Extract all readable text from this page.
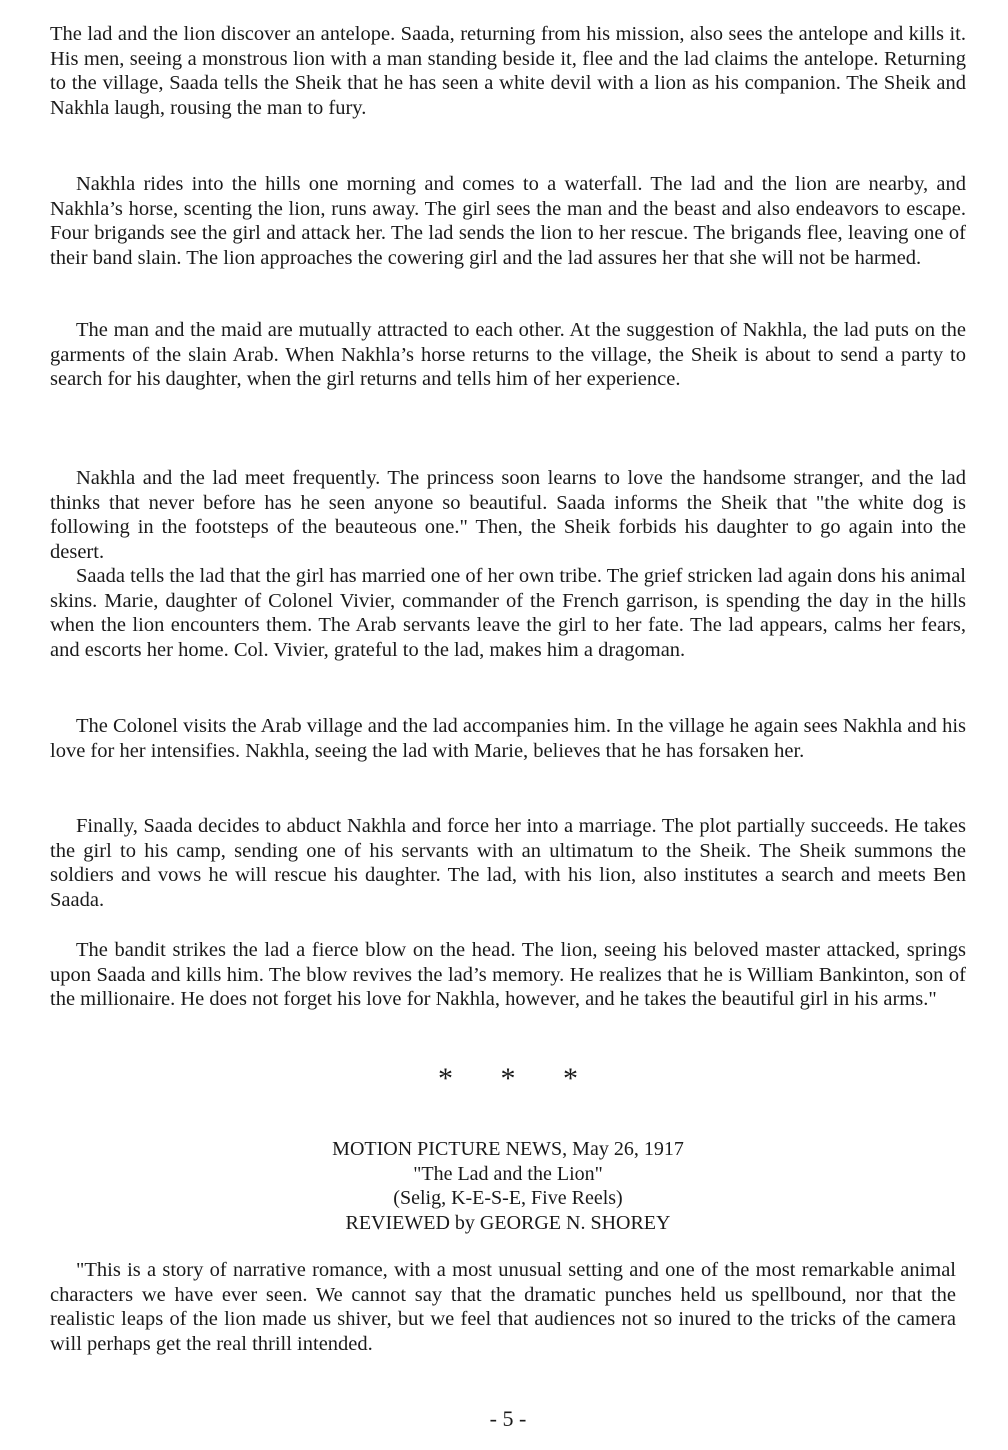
The lad and the lion discover an antelope. Saada, returning from his mission, also sees the antelope and kills it. His men, seeing a monstrous lion with a man standing beside it, flee and the lad claims the antelope. Returning to the village, Saada tells the Sheik that he has seen a white devil with a lion as his companion. The Sheik and Nakhla laugh, rousing the man to fury.

Nakhla rides into the hills one morning and comes to a waterfall. The lad and the lion are nearby, and Nakhla’s horse, scenting the lion, runs away. The girl sees the man and the beast and also endeavors to escape. Four brigands see the girl and attack her. The lad sends the lion to her rescue. The brigands flee, leaving one of their band slain. The lion approaches the cowering girl and the lad assures her that she will not be harmed.

The man and the maid are mutually attracted to each other. At the suggestion of Nakhla, the lad puts on the garments of the slain Arab. When Nakhla’s horse returns to the village, the Sheik is about to send a party to search for his daughter, when the girl returns and tells him of her experience.

Nakhla and the lad meet frequently. The princess soon learns to love the handsome stranger, and the lad thinks that never before has he seen anyone so beautiful. Saada informs the Sheik that "the white dog is following in the footsteps of the beauteous one." Then, the Sheik forbids his daughter to go again into the desert.

Saada tells the lad that the girl has married one of her own tribe. The grief stricken lad again dons his animal skins. Marie, daughter of Colonel Vivier, commander of the French garrison, is spending the day in the hills when the lion encounters them. The Arab servants leave the girl to her fate. The lad appears, calms her fears, and escorts her home. Col. Vivier, grateful to the lad, makes him a dragoman.

The Colonel visits the Arab village and the lad accompanies him. In the village he again sees Nakhla and his love for her intensifies. Nakhla, seeing the lad with Marie, believes that he has forsaken her.

Finally, Saada decides to abduct Nakhla and force her into a marriage. The plot partially succeeds. He takes the girl to his camp, sending one of his servants with an ultimatum to the Sheik. The Sheik summons the soldiers and vows he will rescue his daughter. The lad, with his lion, also institutes a search and meets Ben Saada.

The bandit strikes the lad a fierce blow on the head. The lion, seeing his beloved master attacked, springs upon Saada and kills him. The blow revives the lad’s memory. He realizes that he is William Bankinton, son of the millionaire. He does not forget his love for Nakhla, however, and he takes the beautiful girl in his arms."

* * *
MOTION PICTURE NEWS, May 26, 1917
"The Lad and the Lion"
(Selig, K-E-S-E, Five Reels)
REVIEWED by GEORGE N. SHOREY

"This is a story of narrative romance, with a most unusual setting and one of the most remarkable animal characters we have ever seen. We cannot say that the dramatic punches held us spellbound, nor that the realistic leaps of the lion made us shiver, but we feel that audiences not so inured to the tricks of the camera will perhaps get the real thrill intended.

- 5 -
